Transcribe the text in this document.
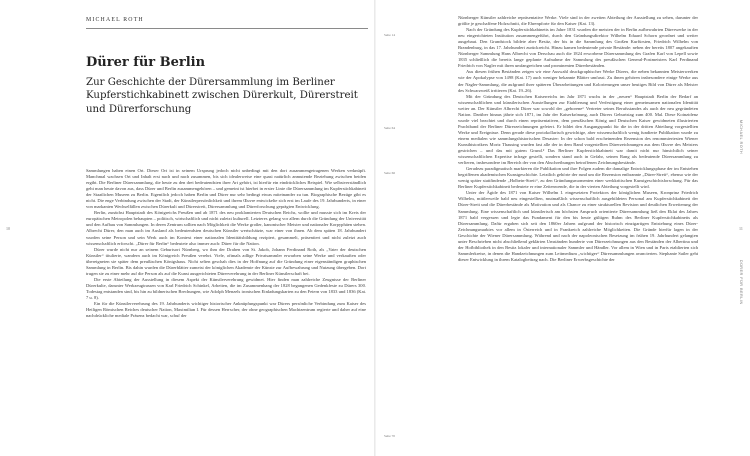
MICHAEL ROTH
Dürer für Berlin
Zur Geschichte der Dürersammlung im Berliner Kupferstichkabinett zwischen Dürerkult, Dürerstreit und Dürerforschung

Sammlungen haben einen Ort. Dieser Ort ist in seinem Ursprung jedoch nicht unbedingt mit den dort zusammengetragenen Werken verknüpft. Manchmal wachsen Ort und Inhalt erst nach und nach zusammen, bis sich idealerweise eine quasi natürlich anmutende Beziehung zwischen beiden ergibt. Die Berliner Dürersammlung, die heute zu den drei bedeutendsten ihrer Art gehört, ist hierfür ein eindrückliches Beispiel. Wie selbstverständlich geht man heute davon aus, dass Dürer und Berlin zusammengehören – und gemeint ist hierbei in erster Linie die Dürersammlung im Kupferstichkabinett der Staatlichen Museen zu Berlin. Eigentlich jedoch haben Berlin und Dürer nur sehr bedingt etwas miteinander zu tun. Biographische Bezüge gibt es nicht. Die enge Verbindung zwischen der Stadt, der Künstlerpersönlichkeit und ihrem Œuvre entwickelte sich erst im Laufe des 19. Jahrhunderts, in einer von markanten Wechselfällen zwischen Dürerkult und Dürerstreit, Dürersammlung und Dürerforschung geprägten Entwicklung.

Berlin, zunächst Hauptstadt des Königreichs Preußen und ab 1871 des neu proklamierten Deutschen Reichs, wollte und musste sich im Kreis der europäischen Metropolen behaupten – politisch, wirtschaftlich und nicht zuletzt kulturell. Letzteres gelang vor allem durch die Gründung der Universität und den Aufbau von Sammlungen. In deren Zentrum sollten nach Möglichkeit die Werke großer, kanonischer Meister und nationaler Korpyphäen stehen. Albrecht Dürer, den man auch im Ausland als bedeutendsten deutschen Künstler wertschätzte, war einer von ihnen. Ab dem späten 18. Jahrhundert wurden seine Person und sein Werk auch im Kontext einer nationalen Identitätsbildung rezipiert, gesammelt, präsentiert und nicht zuletzt auch wissenschaftlich erforscht. „Dürer für Berlin“ bedeutete also immer auch: Dürer für die Nation.

Dürer wurde nicht nur an seinem Geburtsort Nürnberg, wo ihm der Drahen von St. Jakob, Johann Ferdinand Roth, als „Vater der deutschen Künstler“ titulierte, wandern auch im Königreich Preußen verehrt. Viele, oftmals adlige Privatsammler erwarben seine Werke und verkauften oder übereigneten sie später dem preußischen Königshaus. Nicht selten geschah dies in der Hoffnung auf die Gründung einer eigenständigen graphischen Sammlung in Berlin. Bis dahin wurden die Dürerblätter zumeist der königlichen Akademie der Künste zur Aufbewahrung und Nutzung übergeben. Dort trugen sie zu einer mehr auf die Person als auf die Kunst ausgerichteten Dürerverehrung in der Berliner Künstlerschaft bei.

Die erste Abteilung der Ausstellung in diesem Aspekt der Künstlerverehrung gewidmet. Hier finden man zahlreiche Zeugnisse der Berliner Dürerkulte, darunter Werkzeugtrassen von Karl Friedrich Schinkel, Arbeiten, die im Zusammenhang der 1828 begangenen Gedenkfeste zu Dürers 300. Todestag entstanden sind, bis hin zu bildnerischen Brechungen, wie Adolph Menzels ironischen Einladungskarten zu den Feiern von 1833 und 1836 (Kat. 7 u. 8).

Ein für die Künstlerverehrung des 19. Jahrhunderts wichtiger historischer Anknüpfungspunkt war Dürers persönliche Verbindung zum Kaiser des Heiligen Römischen Reiches deutscher Nation, Maximilian I. Für dessen Herrscher, der ohne geographischen Machtzentrum regierte und daher auf eine nachdrückliche mediale Präsenz bedacht war, schuf der

10
Seite 14
Seite 64
Seite 66
Seite 70

Nürnberger Künstler zahlreiche repräsentative Werke. Viele sind in der zweiten Abteilung der Ausstellung zu sehen, darunter der größte je geschaffene Holzschnitt, die Ehrenpforte für den Kaiser (Kat. 13).

Nach der Gründung des Kupferstichkabinetts im Jahre 1831 wurden die meisten der in Berlin aufbewahrten Dürerwerke in der neu eingerichteten Institution zusammengeführt, durch den Gründungsdirektor Wilhelm Eduard Schorn geordnet und weiter ausgebaut. Den Grundstock bildete aber Besitz, der bis in die Sammlung des Großen Kurfürsten, Friedrich Wilhelm von Brandenburg, in das 17. Jahrhundert zurückreicht. Hinzu kamen bedeutende private Bestände: neben der bereits 1807 angekauften Nürnberger Sammlung Hans Albrecht von Derschau auch die 1824 erworbene Dürersammlung des Grafen Karl von Lepell sowie 1835 schließlich die bereits lange geplante Aufnahme der Sammlung des preußischen General-Postmeisters Karl Ferdinand Friedrich von Nagler mit ihren umfangreichen und prominenten Dürerbeständen.

Aus diesen frühen Beständen zeigen wir eine Auswahl druckgraphischer Werke Dürers, die neben bekannten Meisterwerken wie der Apokalypse von 1498 (Kat. 17) auch weniger bekannte Blätter umfasst. Zu ihnen gehören insbesondere einige Werke aus der Nagler-Sammlung, die aufgrund ihrer späteren Überarbeitungen und Kolorierungen unser heutiges Bild von Dürer als Meister des Schwarzweiß irritieren (Kat. 19–26).

Mit der Gründung des Deutschen Kaiserreichs im Jahr 1871 wuchs in der „neuen“ Hauptstadt Berlin der Bedarf an wissenschaftlichen und künstlerischen Ausstellungen zur Etablierung und Verfestigung einer gemeinsamen nationalen Identität weiter an. Der Künstler Albrecht Dürer war sowohl der „geborene“ Vertreter seines Berufsstandes als auch der neu gegründeten Nation. Darüber hinaus jährte sich 1871, im Jahr der Kaiserkrönung, auch Dürers Geburtstag zum 400. Mal. Diese Koinzidenz wurde viel beachtet und durch einen repräsentativen, dem preußischen König und Deutschen Kaiser gewidmeten illustrierten Prachtband der Berliner Dürerzeichnungen gefeiert. Er bildet den Ausgangspunkt für die in der dritten Abteilung vorgestellten Werke und Ereignisse. Denn gerade diese protokollarisch gewichtige, aber wissenschaftlich wenig fundierte Publikation wurde zu einem medialen wie sammlungshistorischen Desaster: In der schon bald erscheinenden Rezension des renommiertesten Wiener Kunsthistorikers Moriz Thausing wurden fast alle der in dem Band vorgestellten Dürerzeichnungen aus dem Œuvre des Meisters gestrichen – und das mit gutem Grund.² Das Berliner Kupferstichkabinett war damit nicht nur hinsichtlich seiner wissenschaftlichen Expertise infrage gestellt, sondern stand auch in Gefahr, seinen Rang als bedeutende Dürersammlung zu verlieren, insbesondere im Bereich der von den Abschreibungen betroffenen Zeichnungsbestände.

Geradezu paradigmatisch markieren die Publikation und ihre Folgen zudem die damalige Entwicklungsphase der im Entstehen begriffenen akademischen Kunstgeschichte. Letztlich gehörte der rund um die Rezension entbrannte „Dürer-Streit“, ebenso wie der wenig später stattfindende „Holbein-Streit“, zu den Gründungsmomenten einer werkkritischen Kunstgeschichtsforschung. Für das Berliner Kupferstichkabinett bedeutete er eine Zeitenwende, die in der vierten Abteilung vorgestellt wird.

Unter der Ägide des 1871 von Kaiser Wilhelm I. eingesetzten Protektors der königlichen Museen, Kronprinz Friedrich Wilhelm, mittlerweile bald neu eingestellten, mutmaßlich wissenschaftlich ausgebildeten Personal am Kupferstichkabinett der Dürer-Streit und die Dürerbestände als Motivation und als Chance zu einer strukturellen Revision und deutlichen Erweiterung der Sammlung. Eine wissenschaftlich und künstlerisch am höchsten Anspruch orientierte Dürersammlung ließ den Eklat des Jahres 1871 bald vergessen und legte das Fundament für den bis heute gültigen Ruhm des Berliner Kupferstichkabinetts als Dürersammlung. Dafür ergaben sich seit den 1860er Jahren aufgrund der historisch einzigartigen Entstehung eines Dürer-Zeichnungsmarktes vor allem in Österreich und in Frankreich zahlreiche Möglichkeiten. Die Gründe hierfür lagen in der Geschichte der Wiener Dürersammlung. Während und nach der napoleonischen Besetzung im frühen 19. Jahrhundert gelangten unter Beschrieben nicht abschließend geklärten Umständen hunderte von Dürerzeichnungen aus den Beständen der Albertina und der Hofbibliothek in den Besitz lokaler und internationaler Sammler und Händler. Vor allem in Wien und in Paris etablierten sich Sammlerkreise, in denen die Handzeichnungen zum Leitmedium „wichtiger“ Dürersammlungen avancierten. Stephanie Sailer geht dieser Entwicklung in ihrem Katalogbeitrag nach. Die Berliner Erwerbsgeschichte der

MICHAEL ROTH
DÜRER FÜR BERLIN
11
